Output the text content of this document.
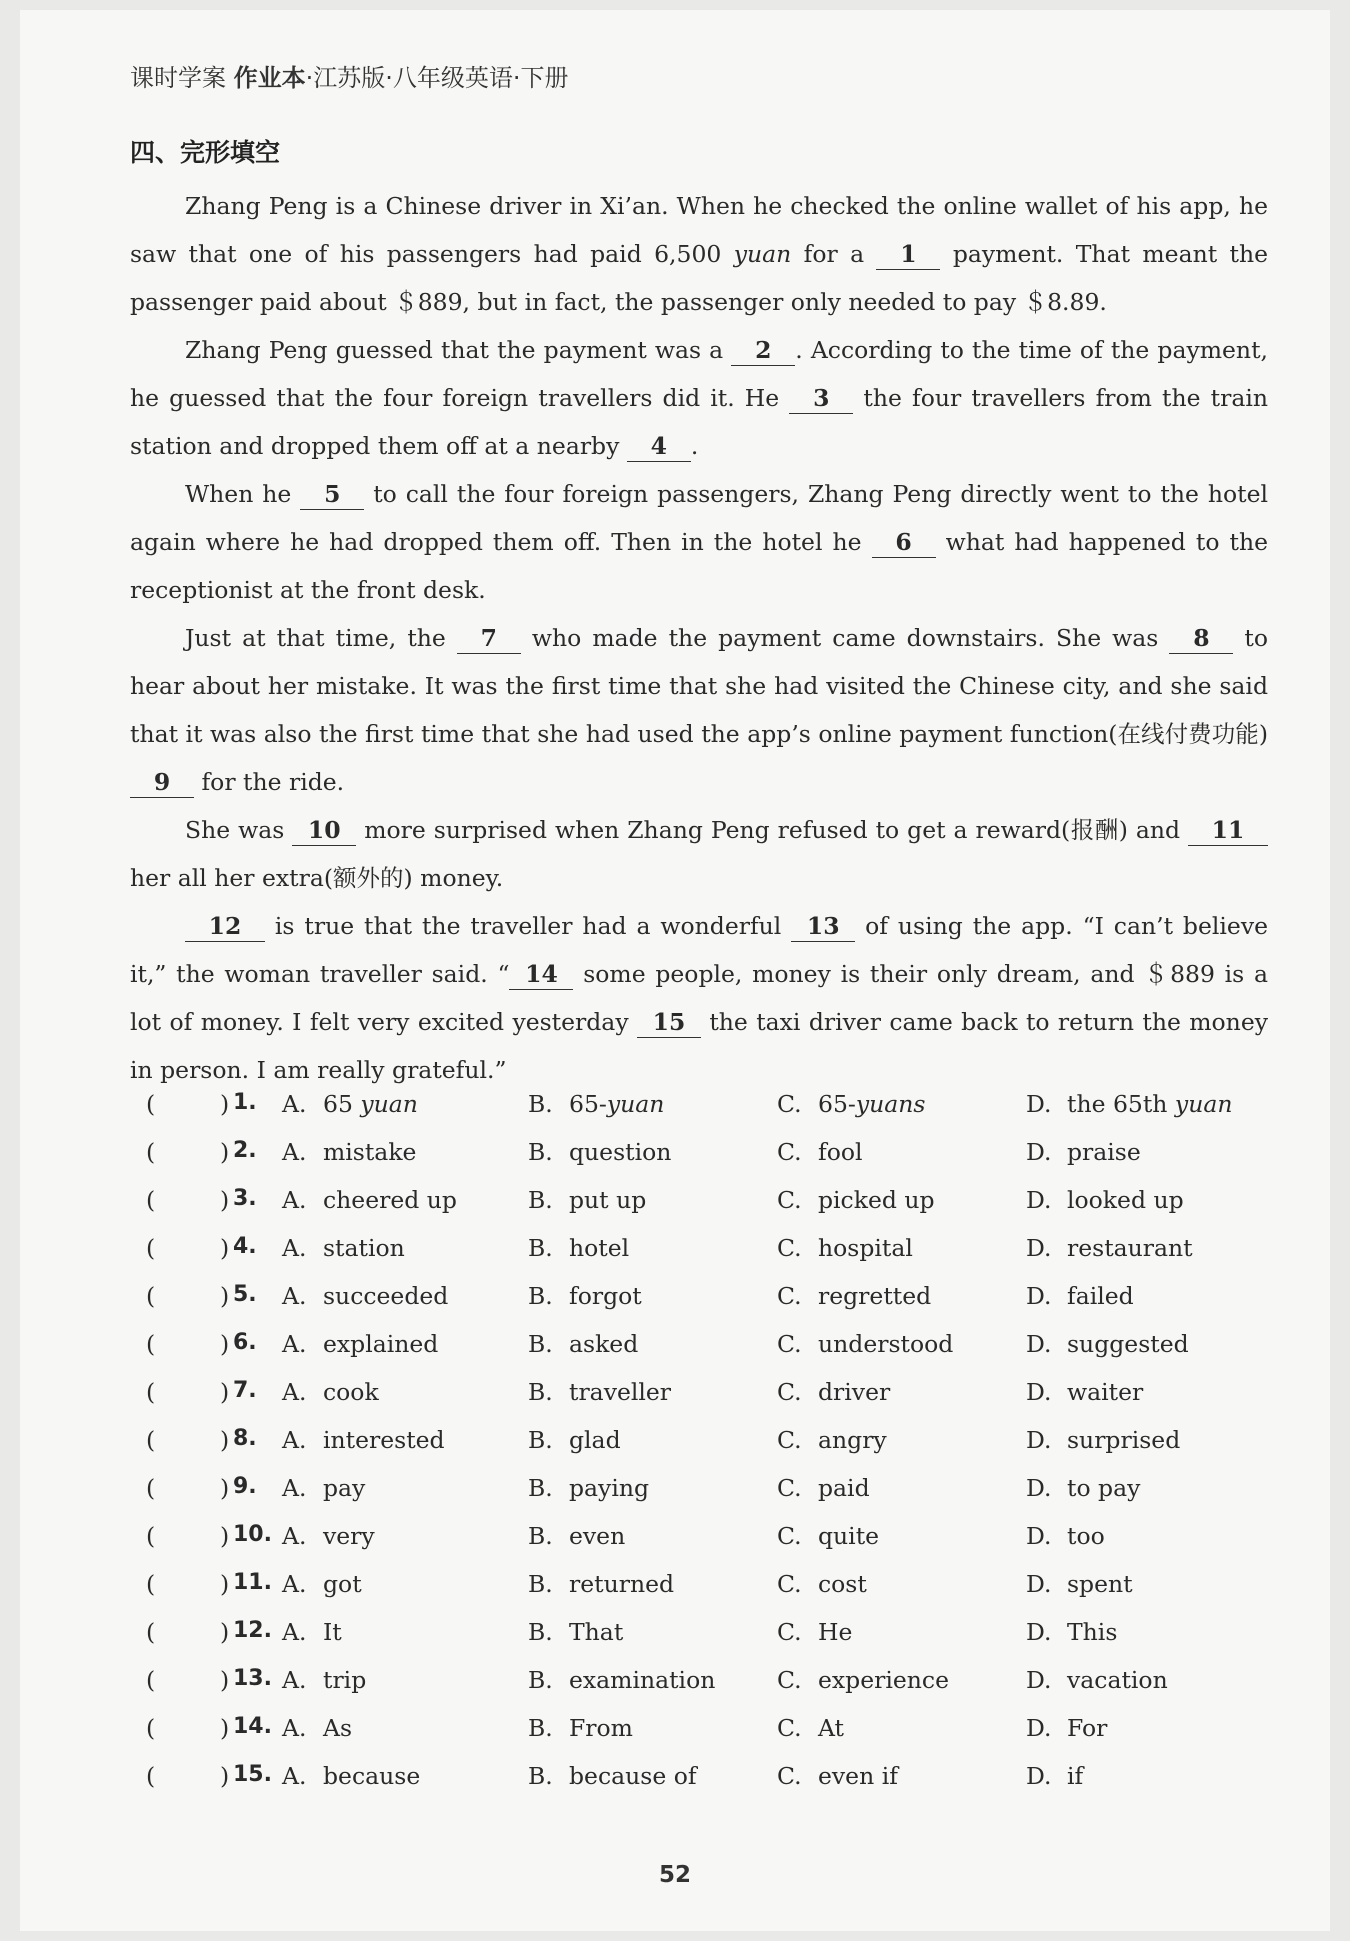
课时学案 作业本·江苏版·八年级英语·下册
四、完形填空

Zhang Peng is a Chinese driver in Xi’an. When he checked the online wallet of his app, he saw that one of his passengers had paid 6,500 yuan for a 1 payment. That meant the passenger paid about ＄889, but in fact, the passenger only needed to pay ＄8.89.

Zhang Peng guessed that the payment was a 2 . According to the time of the payment, he guessed that the four foreign travellers did it. He 3 the four travellers from the train station and dropped them off at a nearby 4 .

When he 5 to call the four foreign passengers, Zhang Peng directly went to the hotel again where he had dropped them off. Then in the hotel he 6 what had happened to the receptionist at the front desk.

Just at that time, the 7 who made the payment came downstairs. She was 8 to hear about her mistake. It was the first time that she had visited the Chinese city, and she said that it was also the first time that she had used the app’s online payment function(在线付费功能) 9 for the ride.

She was 10 more surprised when Zhang Peng refused to get a reward(报酬) and 11 her all her extra(额外的) money.

12 is true that the traveller had a wonderful 13 of using the app. “I can’t believe it,” the woman traveller said. “ 14 some people, money is their only dream, and ＄889 is a lot of money. I felt very excited yesterday 15 the taxi driver came back to return the money in person. I am really grateful.”

(	) 1. A. 65 yuan	B. 65-yuan	C. 65-yuans	D. the 65th yuan
(	) 2. A. mistake	B. question	C. fool	D. praise
(	) 3. A. cheered up	B. put up	C. picked up	D. looked up
(	) 4. A. station	B. hotel	C. hospital	D. restaurant
(	) 5. A. succeeded	B. forgot	C. regretted	D. failed
(	) 6. A. explained	B. asked	C. understood	D. suggested
(	) 7. A. cook	B. traveller	C. driver	D. waiter
(	) 8. A. interested	B. glad	C. angry	D. surprised
(	) 9. A. pay	B. paying	C. paid	D. to pay
(	) 10. A. very	B. even	C. quite	D. too
(	) 11. A. got	B. returned	C. cost	D. spent
(	) 12. A. It	B. That	C. He	D. This
(	) 13. A. trip	B. examination	C. experience	D. vacation
(	) 14. A. As	B. From	C. At	D. For
(	) 15. A. because	B. because of	C. even if	D. if
52
